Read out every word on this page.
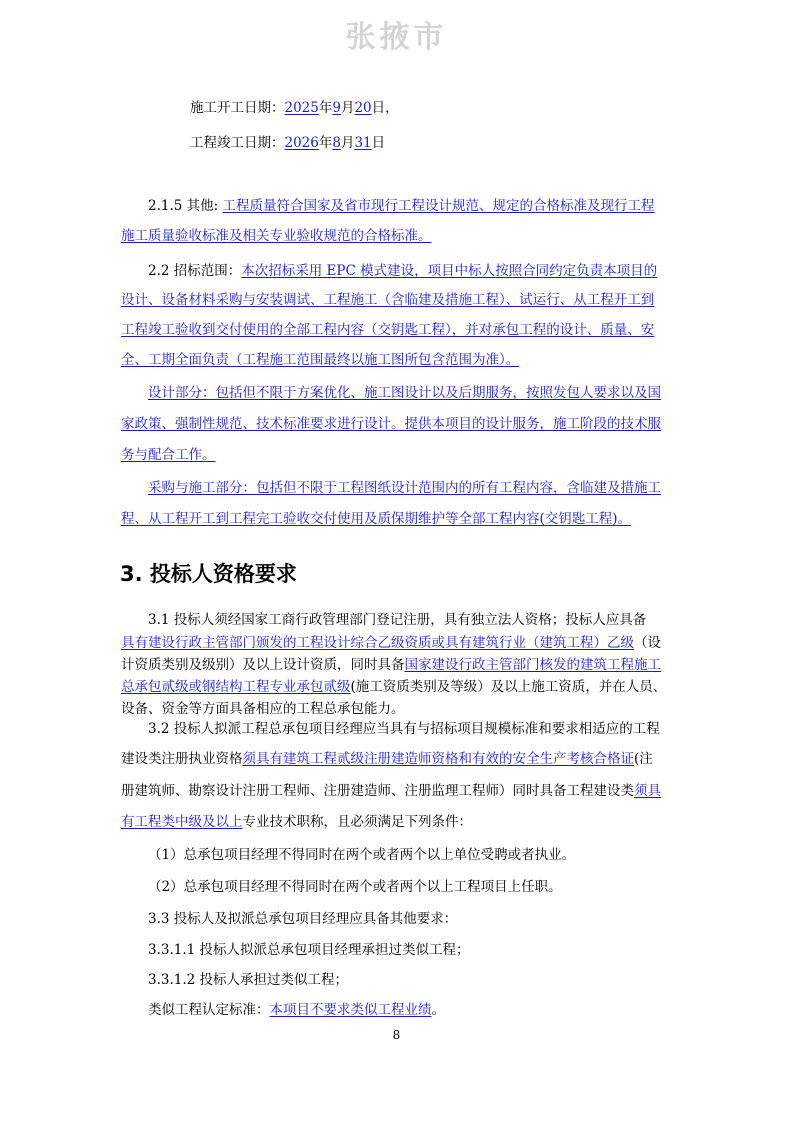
张掖市
施工开工日期：2025年9月20日，
工程竣工日期：2026年8月31日
2.1.5 其他: 工程质量符合国家及省市现行工程设计规范、规定的合格标准及现行工程
施工质量验收标准及相关专业验收规范的合格标准。
2.2 招标范围：本次招标采用 EPC 模式建设，项目中标人按照合同约定负责本项目的
设计、设备材料采购与安装调试、工程施工（含临建及措施工程）、试运行、从工程开工到
工程竣工验收到交付使用的全部工程内容（交钥匙工程），并对承包工程的设计、质量、安
全、工期全面负责（工程施工范围最终以施工图所包含范围为准）。
设计部分：包括但不限于方案优化、施工图设计以及后期服务，按照发包人要求以及国
家政策、强制性规范、技术标准要求进行设计。提供本项目的设计服务，施工阶段的技术服
务与配合工作。
采购与施工部分：包括但不限于工程图纸设计范围内的所有工程内容，含临建及措施工
程、从工程开工到工程完工验收交付使用及质保期维护等全部工程内容(交钥匙工程)。
3. 投标人资格要求
3.1 投标人须经国家工商行政管理部门登记注册，具有独立法人资格；投标人应具备
具有建设行政主管部门颁发的工程设计综合乙级资质或具有建筑行业（建筑工程）乙级（设
计资质类别及级别）及以上设计资质，同时具备国家建设行政主管部门核发的建筑工程施工
总承包贰级或钢结构工程专业承包贰级(施工资质类别及等级）及以上施工资质，并在人员、
设备、资金等方面具备相应的工程总承包能力。
3.2 投标人拟派工程总承包项目经理应当具有与招标项目规模标准和要求相适应的工程
建设类注册执业资格须具有建筑工程贰级注册建造师资格和有效的安全生产考核合格证(注
册建筑师、勘察设计注册工程师、注册建造师、注册监理工程师）同时具备工程建设类须具
有工程类中级及以上专业技术职称，且必须满足下列条件：
（1）总承包项目经理不得同时在两个或者两个以上单位受聘或者执业。
（2）总承包项目经理不得同时在两个或者两个以上工程项目上任职。
3.3 投标人及拟派总承包项目经理应具备其他要求：
3.3.1.1 投标人拟派总承包项目经理承担过类似工程；
3.3.1.2 投标人承担过类似工程；
类似工程认定标准：本项目不要求类似工程业绩。
8
